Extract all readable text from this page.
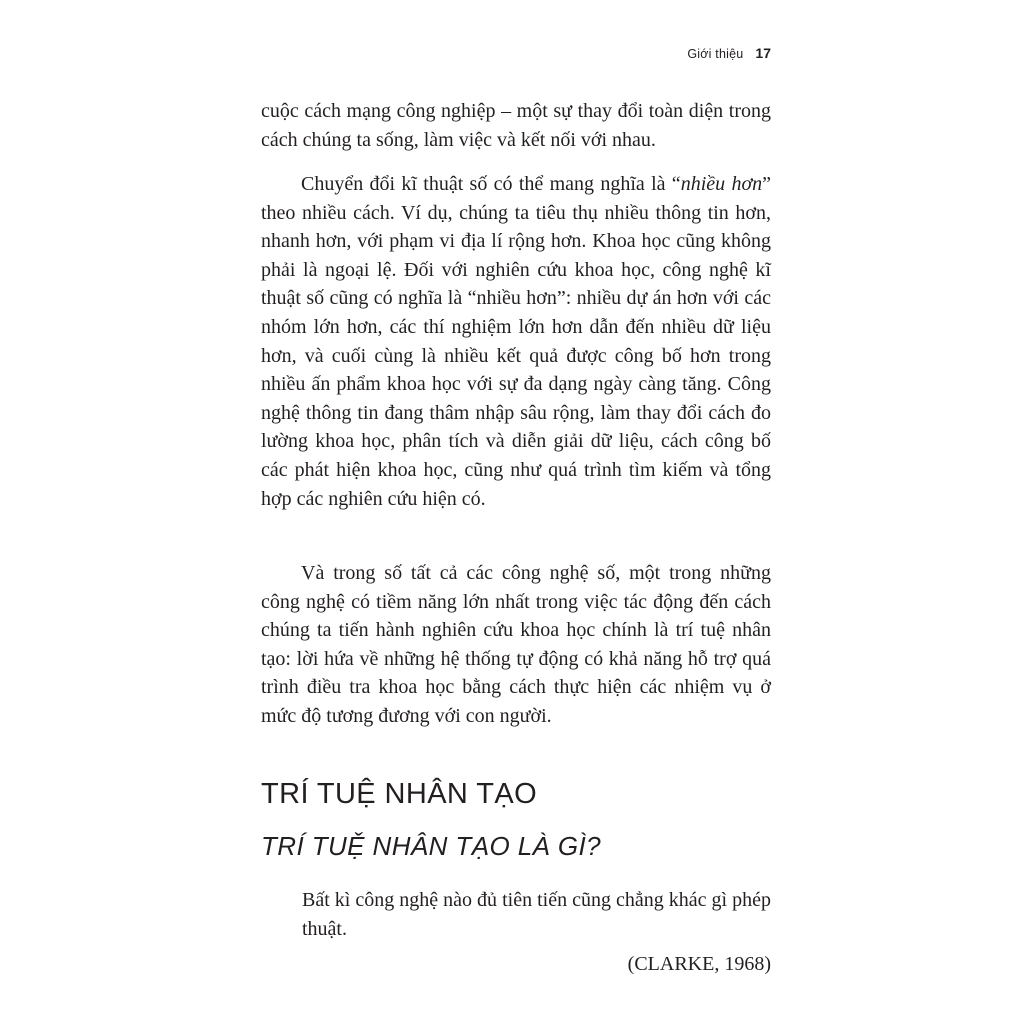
Giới thiệu 17

cuộc cách mạng công nghiệp – một sự thay đổi toàn diện trong cách chúng ta sống, làm việc và kết nối với nhau.

Chuyển đổi kĩ thuật số có thể mang nghĩa là “nhiều hơn” theo nhiều cách. Ví dụ, chúng ta tiêu thụ nhiều thông tin hơn, nhanh hơn, với phạm vi địa lí rộng hơn. Khoa học cũng không phải là ngoại lệ. Đối với nghiên cứu khoa học, công nghệ kĩ thuật số cũng có nghĩa là “nhiều hơn”: nhiều dự án hơn với các nhóm lớn hơn, các thí nghiệm lớn hơn dẫn đến nhiều dữ liệu hơn, và cuối cùng là nhiều kết quả được công bố hơn trong nhiều ấn phẩm khoa học với sự đa dạng ngày càng tăng. Công nghệ thông tin đang thâm nhập sâu rộng, làm thay đổi cách đo lường khoa học, phân tích và diễn giải dữ liệu, cách công bố các phát hiện khoa học, cũng như quá trình tìm kiếm và tổng hợp các nghiên cứu hiện có.

Và trong số tất cả các công nghệ số, một trong những công nghệ có tiềm năng lớn nhất trong việc tác động đến cách chúng ta tiến hành nghiên cứu khoa học chính là trí tuệ nhân tạo: lời hứa về những hệ thống tự động có khả năng hỗ trợ quá trình điều tra khoa học bằng cách thực hiện các nhiệm vụ ở mức độ tương đương với con người.

TRÍ TUỆ NHÂN TẠO
TRÍ TUỆ NHÂN TẠO LÀ GÌ?

Bất kì công nghệ nào đủ tiên tiến cũng chẳng khác gì phép thuật.

(CLARKE, 1968)
